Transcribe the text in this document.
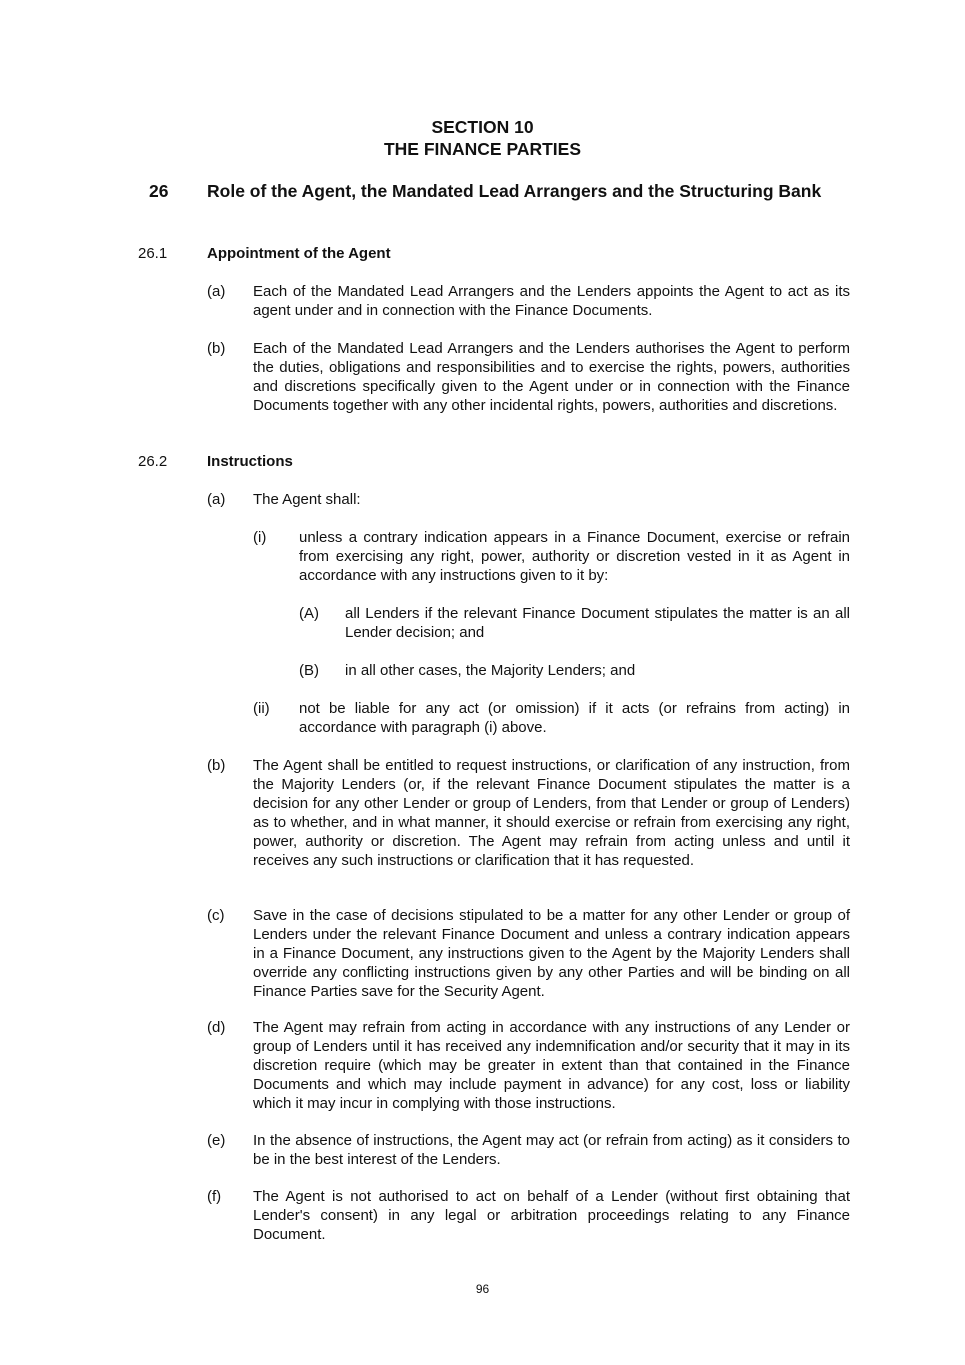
SECTION 10
THE FINANCE PARTIES
26 Role of the Agent, the Mandated Lead Arrangers and the Structuring Bank
26.1	Appointment of the Agent
(a) Each of the Mandated Lead Arrangers and the Lenders appoints the Agent to act as its agent under and in connection with the Finance Documents.
(b) Each of the Mandated Lead Arrangers and the Lenders authorises the Agent to perform the duties, obligations and responsibilities and to exercise the rights, powers, authorities and discretions specifically given to the Agent under or in connection with the Finance Documents together with any other incidental rights, powers, authorities and discretions.
26.2	Instructions
(a) The Agent shall:
(i) unless a contrary indication appears in a Finance Document, exercise or refrain from exercising any right, power, authority or discretion vested in it as Agent in accordance with any instructions given to it by:
(A) all Lenders if the relevant Finance Document stipulates the matter is an all Lender decision; and
(B) in all other cases, the Majority Lenders; and
(ii) not be liable for any act (or omission) if it acts (or refrains from acting) in accordance with paragraph (i) above.
(b) The Agent shall be entitled to request instructions, or clarification of any instruction, from the Majority Lenders (or, if the relevant Finance Document stipulates the matter is a decision for any other Lender or group of Lenders, from that Lender or group of Lenders) as to whether, and in what manner, it should exercise or refrain from exercising any right, power, authority or discretion. The Agent may refrain from acting unless and until it receives any such instructions or clarification that it has requested.
(c) Save in the case of decisions stipulated to be a matter for any other Lender or group of Lenders under the relevant Finance Document and unless a contrary indication appears in a Finance Document, any instructions given to the Agent by the Majority Lenders shall override any conflicting instructions given by any other Parties and will be binding on all Finance Parties save for the Security Agent.
(d) The Agent may refrain from acting in accordance with any instructions of any Lender or group of Lenders until it has received any indemnification and/or security that it may in its discretion require (which may be greater in extent than that contained in the Finance Documents and which may include payment in advance) for any cost, loss or liability which it may incur in complying with those instructions.
(e) In the absence of instructions, the Agent may act (or refrain from acting) as it considers to be in the best interest of the Lenders.
(f) The Agent is not authorised to act on behalf of a Lender (without first obtaining that Lender's consent) in any legal or arbitration proceedings relating to any Finance Document.
96
